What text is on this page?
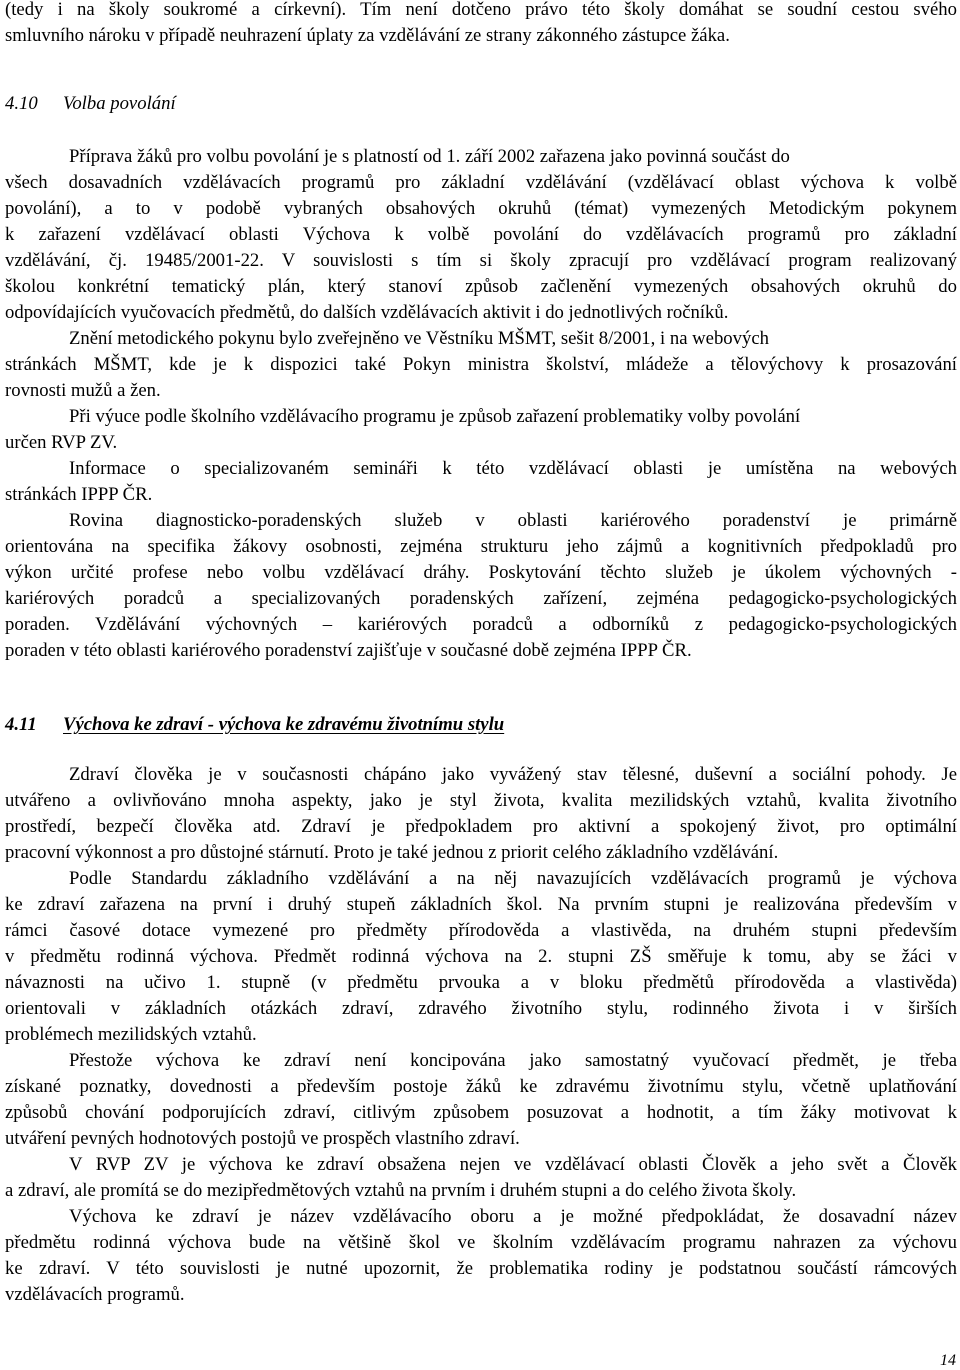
(tedy i na školy soukromé a církevní). Tím není dotčeno právo této školy domáhat se soudní cestou svého
smluvního nároku v případě neuhrazení úplaty za vzdělávání ze strany zákonného zástupce žáka.
4.10 Volba povolání
Příprava žáků pro volbu povolání je s platností od 1. září 2002 zařazena jako povinná součást do
všech dosavadních vzdělávacích programů pro základní vzdělávání (vzdělávací oblast výchova k volbě
povolání), a to v podobě vybraných obsahových okruhů (témat) vymezených Metodickým pokynem
k zařazení vzdělávací oblasti Výchova k volbě povolání do vzdělávacích programů pro základní
vzdělávání, čj. 19485/2001-22. V souvislosti s tím si školy zpracují pro vzdělávací program realizovaný
školou konkrétní tematický plán, který stanoví způsob začlenění vymezených obsahových okruhů do
odpovídajících vyučovacích předmětů, do dalších vzdělávacích aktivit i do jednotlivých ročníků.
Znění metodického pokynu bylo zveřejněno ve Věstníku MŠMT, sešit 8/2001, i na webových
stránkách MŠMT, kde je k dispozici také Pokyn ministra školství, mládeže a tělovýchovy k prosazování
rovnosti mužů a žen.
Při výuce podle školního vzdělávacího programu je způsob zařazení problematiky volby povolání
určen RVP ZV.
Informace o specializovaném semináři k této vzdělávací oblasti je umístěna na webových
stránkách IPPP ČR.
Rovina diagnosticko-poradenských služeb v oblasti kariérového poradenství je primárně
orientována na specifika žákovy osobnosti, zejména strukturu jeho zájmů a kognitivních předpokladů pro
výkon určité profese nebo volbu vzdělávací dráhy. Poskytování těchto služeb je úkolem výchovných -
kariérových poradců a specializovaných poradenských zařízení, zejména pedagogicko-psychologických
poraden. Vzdělávání výchovných – kariérových poradců a odborníků z pedagogicko-psychologických
poraden v této oblasti kariérového poradenství zajišťuje v současné době zejména IPPP ČR.
4.11 Výchova ke zdraví - výchova ke zdravému životnímu stylu
Zdraví člověka je v současnosti chápáno jako vyvážený stav tělesné, duševní a sociální pohody. Je
utvářeno a ovlivňováno mnoha aspekty, jako je styl života, kvalita mezilidských vztahů, kvalita životního
prostředí, bezpečí člověka atd. Zdraví je předpokladem pro aktivní a spokojený život, pro optimální
pracovní výkonnost a pro důstojné stárnutí. Proto je také jednou z priorit celého základního vzdělávání.
Podle Standardu základního vzdělávání a na něj navazujících vzdělávacích programů je výchova
ke zdraví zařazena na první i druhý stupeň základních škol. Na prvním stupni je realizována především v
rámci časové dotace vymezené pro předměty přírodověda a vlastivěda, na druhém stupni především
v předmětu rodinná výchova. Předmět rodinná výchova na 2. stupni ZŠ směřuje k tomu, aby se žáci v
návaznosti na učivo 1. stupně (v předmětu prvouka a v bloku předmětů přírodověda a vlastivěda)
orientovali v základních otázkách zdraví, zdravého životního stylu, rodinného života i v širších
problémech mezilidských vztahů.
Přestože výchova ke zdraví není koncipována jako samostatný vyučovací předmět, je třeba
získané poznatky, dovednosti a především postoje žáků ke zdravému životnímu stylu, včetně uplatňování
způsobů chování podporujících zdraví, citlivým způsobem posuzovat a hodnotit, a tím žáky motivovat k
utváření pevných hodnotových postojů ve prospěch vlastního zdraví.
V RVP ZV je výchova ke zdraví obsažena nejen ve vzdělávací oblasti Člověk a jeho svět a Člověk
a zdraví, ale promítá se do mezipředmětových vztahů na prvním i druhém stupni a do celého života školy.
Výchova ke zdraví je název vzdělávacího oboru a je možné předpokládat, že dosavadní název
předmětu rodinná výchova bude na většině škol ve školním vzdělávacím programu nahrazen za výchovu
ke zdraví. V této souvislosti je nutné upozornit, že problematika rodiny je podstatnou součástí rámcových
vzdělávacích programů.
14
